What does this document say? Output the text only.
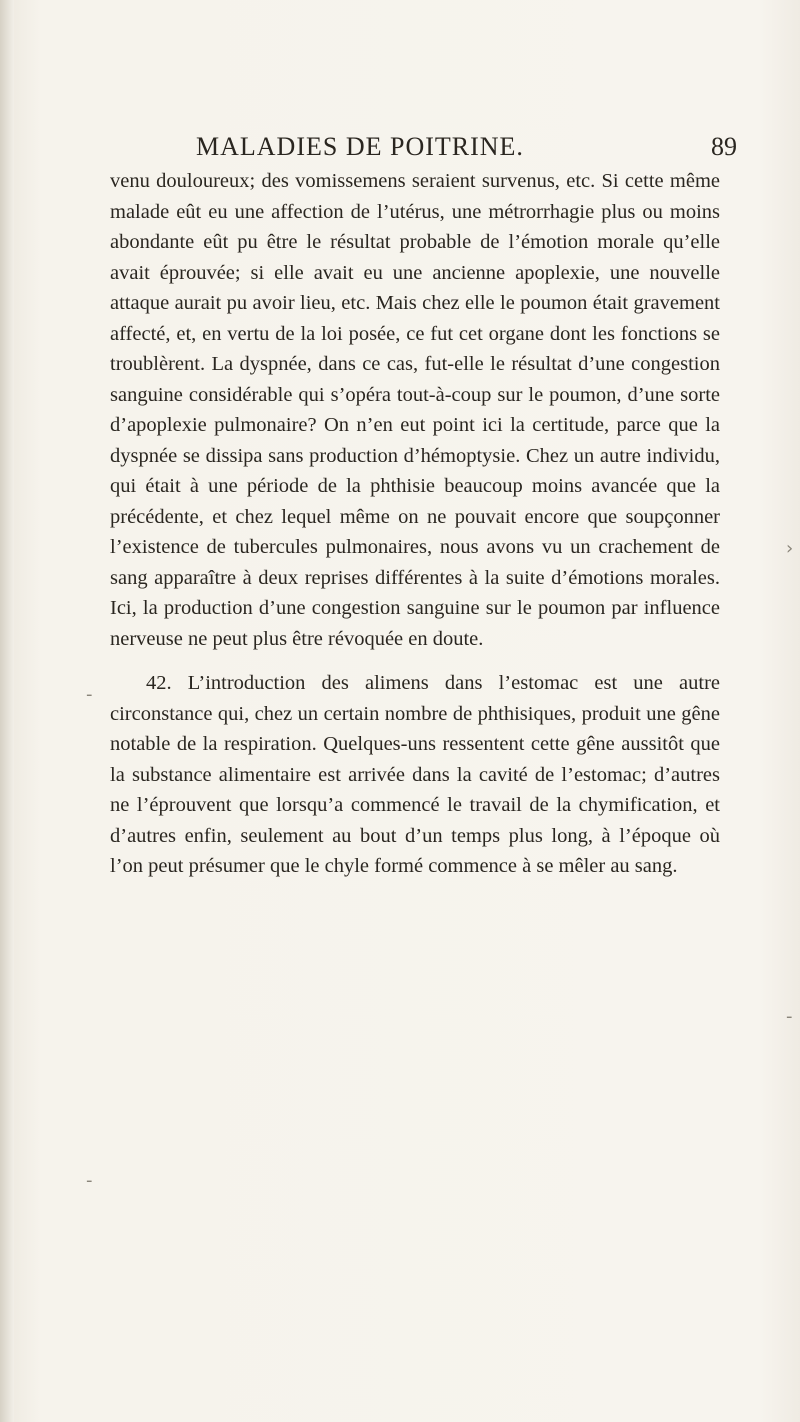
MALADIES DE POITRINE.	89

venu douloureux; des vomissemens seraient survenus, etc. Si cette même malade eût eu une affection de l’utérus, une métrorrhagie plus ou moins abondante eût pu être le résultat probable de l’émotion morale qu’elle avait éprouvée; si elle avait eu une ancienne apoplexie, une nouvelle attaque aurait pu avoir lieu, etc. Mais chez elle le poumon était gravement affecté, et, en vertu de la loi posée, ce fut cet organe dont les fonctions se troublèrent. La dyspnée, dans ce cas, fut-elle le résultat d’une congestion sanguine considérable qui s’opéra tout-à-coup sur le poumon, d’une sorte d’apoplexie pulmonaire? On n’en eut point ici la certitude, parce que la dyspnée se dissipa sans production d’hémoptysie. Chez un autre individu, qui était à une période de la phthisie beaucoup moins avancée que la précédente, et chez lequel même on ne pouvait encore que soupçonner l’existence de tubercules pulmonaires, nous avons vu un crachement de sang apparaître à deux reprises différentes à la suite d’émotions morales. Ici, la production d’une congestion sanguine sur le poumon par influence nerveuse ne peut plus être révoquée en doute.

42. L’introduction des alimens dans l’estomac est une autre circonstance qui, chez un certain nombre de phthisiques, produit une gêne notable de la respiration. Quelques-uns ressentent cette gêne aussitôt que la substance alimentaire est arrivée dans la cavité de l’estomac; d’autres ne l’éprouvent que lorsqu’a commencé le travail de la chymification, et d’autres enfin, seulement au bout d’un temps plus long, à l’époque où l’on peut présumer que le chyle formé commence à se mêler au sang.

›
-
-
-
